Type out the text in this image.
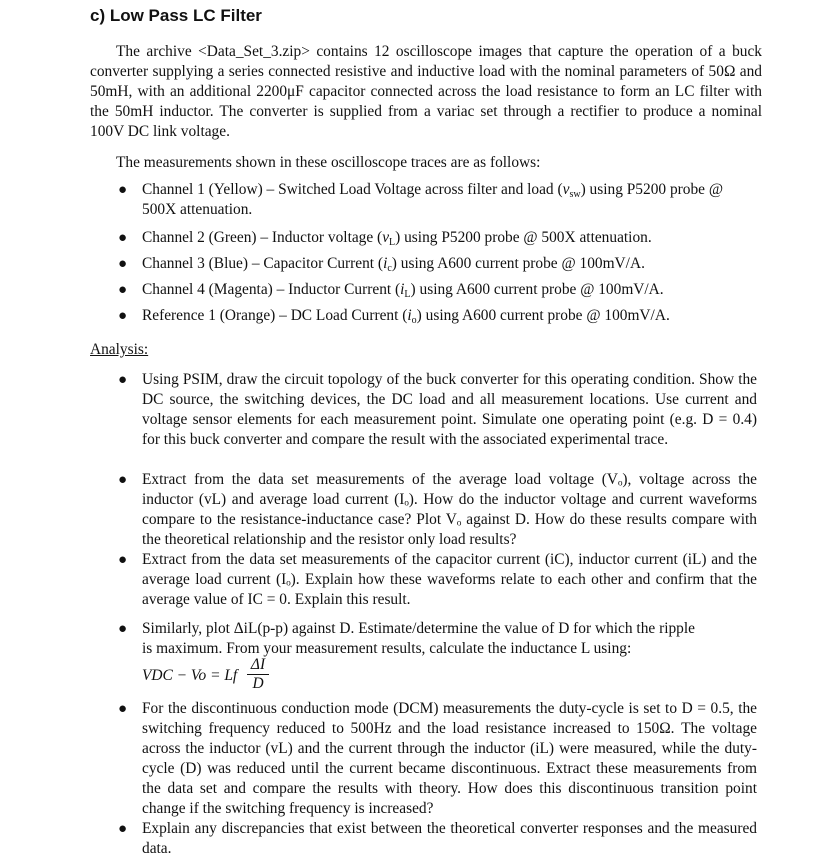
c) Low Pass LC Filter
The archive <Data_Set_3.zip> contains 12 oscilloscope images that capture the operation of a buck converter supplying a series connected resistive and inductive load with the nominal parameters of 50Ω and 50mH, with an additional 2200μF capacitor connected across the load resistance to form an LC filter with the 50mH inductor. The converter is supplied from a variac set through a rectifier to produce a nominal 100V DC link voltage.
The measurements shown in these oscilloscope traces are as follows:
● Channel 1 (Yellow) – Switched Load Voltage across filter and load $(v_{sw})$ using P5200 probe @ 500X attenuation.
● Channel 2 (Green) – Inductor voltage $(v_L)$ using P5200 probe @ 500X attenuation.
● Channel 3 (Blue) – Capacitor Current $(i_c)$ using A600 current probe @ 100mV/A.
● Channel 4 (Magenta) – Inductor Current $(i_L)$ using A600 current probe @ 100mV/A.
● Reference 1 (Orange) – DC Load Current $(i_o)$ using A600 current probe @ 100mV/A.
Analysis:
● Using PSIM, draw the circuit topology of the buck converter for this operating condition. Show the DC source, the switching devices, the DC load and all measurement locations. Use current and voltage sensor elements for each measurement point. Simulate one operating point (e.g. D = 0.4) for this buck converter and compare the result with the associated experimental trace.
● Extract from the data set measurements of the average load voltage (Vₒ), voltage across the inductor (vL) and average load current (Iₒ). How do the inductor voltage and current waveforms compare to the resistance-inductance case? Plot Vₒ against D. How do these results compare with the theoretical relationship and the resistor only load results?
● Extract from the data set measurements of the capacitor current (iC), inductor current (iL) and the average load current (Iₒ). Explain how these waveforms relate to each other and confirm that the average value of IC = 0. Explain this result.
● Similarly, plot ΔiL(p-p) against D. Estimate/determine the value of D for which the ripple
is maximum. From your measurement results, calculate the inductance L using:
VDC − Vo = Lf
ΔI
D
● For the discontinuous conduction mode (DCM) measurements the duty-cycle is set to D = 0.5, the switching frequency reduced to 500Hz and the load resistance increased to 150Ω. The voltage across the inductor (vL) and the current through the inductor (iL) were measured, while the duty-cycle (D) was reduced until the current became discontinuous. Extract these measurements from the data set and compare the results with theory. How does this discontinuous transition point change if the switching frequency is increased?
● Explain any discrepancies that exist between the theoretical converter responses and the measured data.
